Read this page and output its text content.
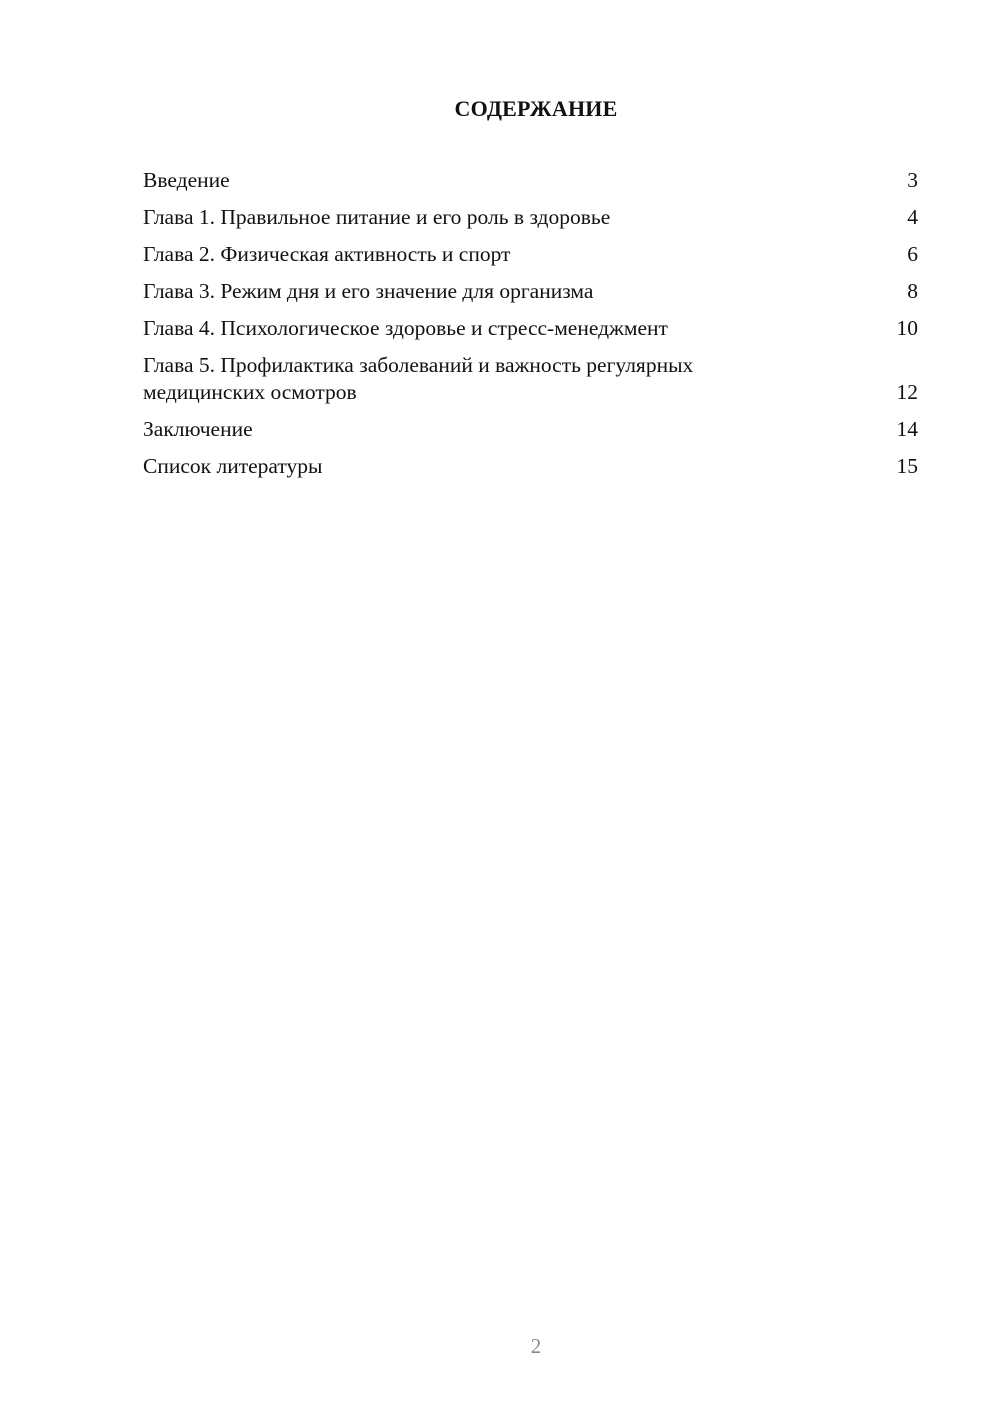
СОДЕРЖАНИЕ
Введение	3
Глава 1. Правильное питание и его роль в здоровье	4
Глава 2. Физическая активность и спорт	6
Глава 3. Режим дня и его значение для организма	8
Глава 4. Психологическое здоровье и стресс-менеджмент	10
Глава 5. Профилактика заболеваний и важность регулярных медицинских осмотров	12
Заключение	14
Список литературы	15
2
